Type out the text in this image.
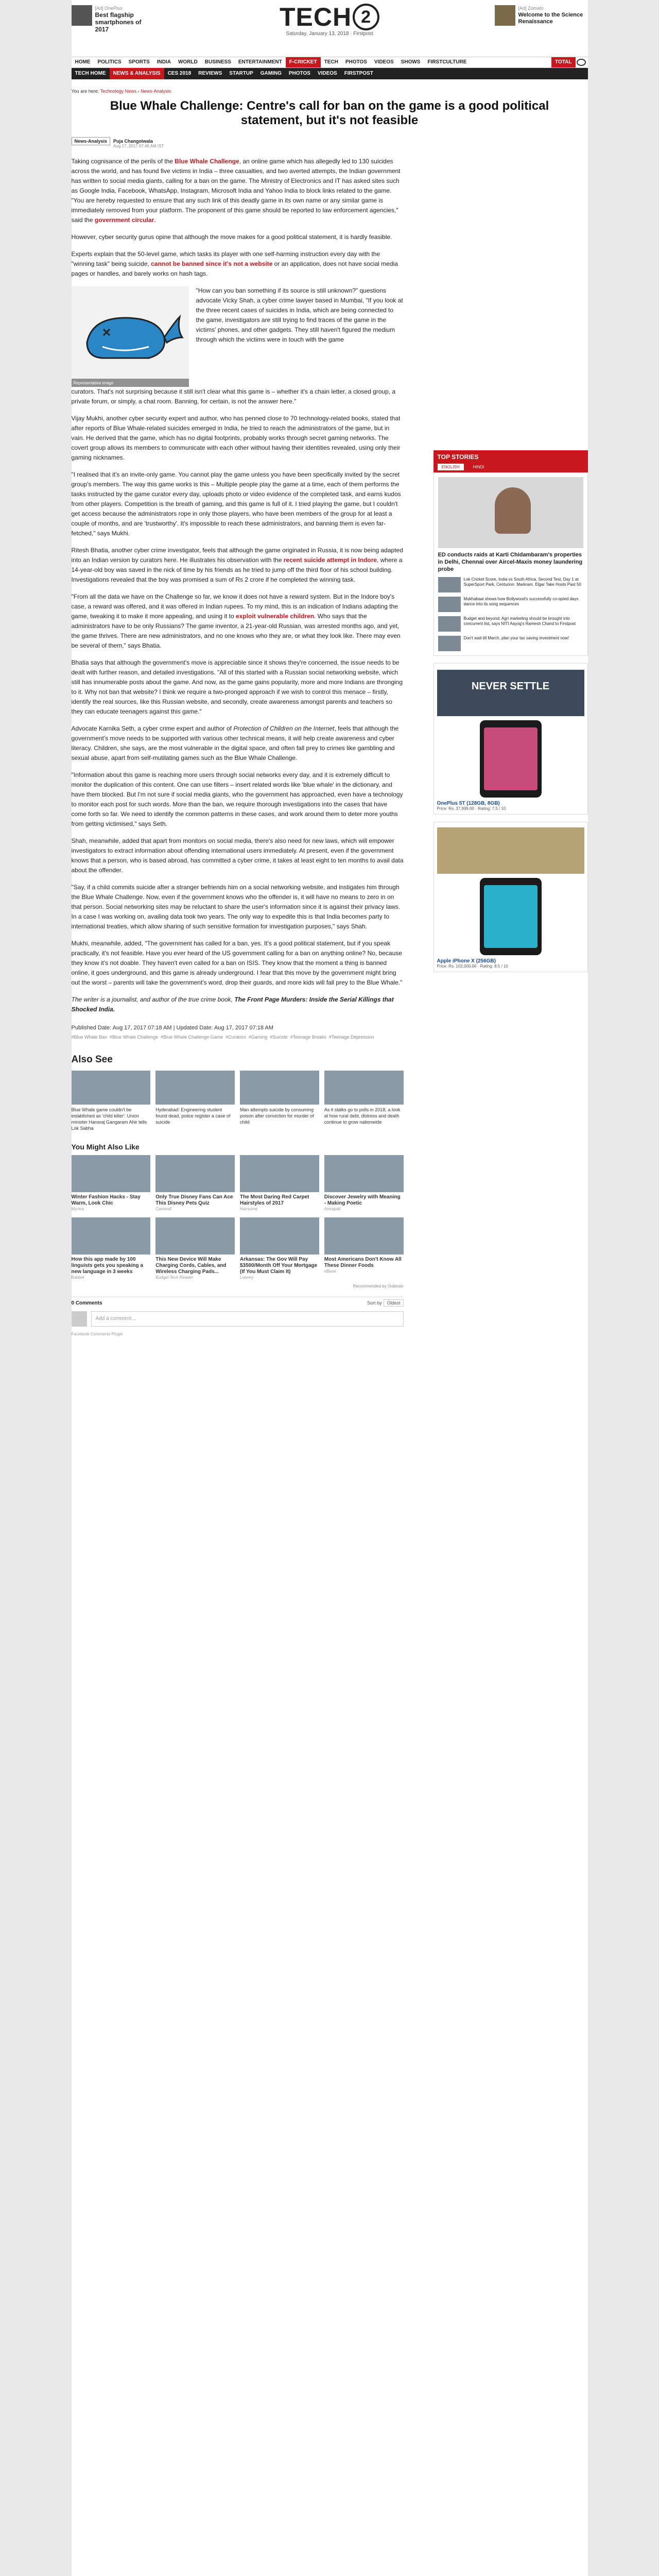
[Ad] OnePlus
Best flagship smartphones of 2017	TECH 2
Saturday, January 13, 2018 · Firstpost
[Ad] Zomato
Welcome to the Science Renaissance
HOME	POLITICS	SPORTS	INDIA	WORLD	BUSINESS	ENTERTAINMENT	F-CRICKET	TECH	PHOTOS	VIDEOS	SHOWS	FIRSTCULTURE	TOTAL
TECH HOME	NEWS & ANALYSIS	CES 2018	REVIEWS	STARTUP	GAMING	PHOTOS	VIDEOS	FIRSTPOST
You are here: Technology News › News-Analysis
Blue Whale Challenge: Centre's call for ban on the game is a good political statement, but it's not feasible
News-Analysis	Puja Changoiwala
Aug 17, 2017 07:46 AM IST

Taking cognisance of the perils of the Blue Whale Challenge, an online game which has allegedly led to 130 suicides across the world, and has found five victims in India – three casualties, and two averted attempts, the Indian government has written to social media giants, calling for a ban on the game. The Ministry of Electronics and IT has asked sites such as Google India, Facebook, WhatsApp, Instagram, Microsoft India and Yahoo India to block links related to the game. "You are hereby requested to ensure that any such link of this deadly game in its own name or any similar game is immediately removed from your platform. The proponent of this game should be reported to law enforcement agencies," said the government circular.

However, cyber security gurus opine that although the move makes for a good political statement, it is hardly feasible.

Experts explain that the 50-level game, which tasks its player with one self-harming instruction every day with the "winning task" being suicide, cannot be banned since it's not a website or an application, does not have social media pages or handles, and barely works on hash tags.

Representative image

"How can you ban something if its source is still unknown?" questions advocate Vicky Shah, a cyber crime lawyer based in Mumbai, "If you look at the three recent cases of suicides in India, which are being connected to the game, investigators are still trying to find traces of the game in the victims' phones, and other gadgets. They still haven't figured the medium through which the victims were in touch with the game

curators. That's not surprising because it still isn't clear what this game is – whether it's a chain letter, a closed group, a private forum, or simply, a chat room. Banning, for certain, is not the answer here."

Vijay Mukhi, another cyber security expert and author, who has penned close to 70 technology-related books, stated that after reports of Blue Whale-related suicides emerged in India, he tried to reach the administrators of the game, but in vain. He derived that the game, which has no digital footprints, probably works through secret gaming networks. The covert group allows its members to communicate with each other without having their identities revealed, using only their gaming nicknames.

"I realised that it's an invite-only game. You cannot play the game unless you have been specifically invited by the secret group's members. The way this game works is this – Multiple people play the game at a time, each of them performs the tasks instructed by the game curator every day, uploads photo or video evidence of the completed task, and earns kudos from other players. Competition is the breath of gaming, and this game is full of it. I tried playing the game, but I couldn't get access because the administrators rope in only those players, who have been members of the group for at least a couple of months, and are 'trustworthy'. It's impossible to reach these administrators, and banning them is even far-fetched," says Mukhi.

Ritesh Bhatia, another cyber crime investigator, feels that although the game originated in Russia, it is now being adapted into an Indian version by curators here. He illustrates his observation with the recent suicide attempt in Indore, where a 14-year-old boy was saved in the nick of time by his friends as he tried to jump off the third floor of his school building. Investigations revealed that the boy was promised a sum of Rs 2 crore if he completed the winning task.

"From all the data we have on the Challenge so far, we know it does not have a reward system. But in the Indore boy's case, a reward was offered, and it was offered in Indian rupees. To my mind, this is an indication of Indians adapting the game, tweaking it to make it more appealing, and using it to exploit vulnerable children. Who says that the administrators have to be only Russians? The game inventor, a 21-year-old Russian, was arrested months ago, and yet, the game thrives. There are new administrators, and no one knows who they are, or what they look like. There may even be several of them," says Bhatia.

Bhatia says that although the government's move is appreciable since it shows they're concerned, the issue needs to be dealt with further reason, and detailed investigations. "All of this started with a Russian social networking website, which still has innumerable posts about the game. And now, as the game gains popularity, more and more Indians are thronging to it. Why not ban that website? I think we require a two-pronged approach if we wish to control this menace – firstly, identify the real sources, like this Russian website, and secondly, create awareness amongst parents and teachers so they can educate teenagers against this game."

Advocate Karnika Seth, a cyber crime expert and author of Protection of Children on the Internet, feels that although the government's move needs to be supported with various other technical means, it will help create awareness and cyber literacy. Children, she says, are the most vulnerable in the digital space, and often fall prey to crimes like gambling and sexual abuse, apart from self-mutilating games such as the Blue Whale Challenge.

"Information about this game is reaching more users through social networks every day, and it is extremely difficult to monitor the duplication of this content. One can use filters – insert related words like 'blue whale' in the dictionary, and have them blocked. But I'm not sure if social media giants, who the government has approached, even have a technology to monitor each post for such words. More than the ban, we require thorough investigations into the cases that have come forth so far. We need to identify the common patterns in these cases, and work around them to deter more youths from getting victimised," says Seth.

Shah, meanwhile, added that apart from monitors on social media, there's also need for new laws, which will empower investigators to extract information about offending international users immediately. At present, even if the government knows that a person, who is based abroad, has committed a cyber crime, it takes at least eight to ten months to avail data about the offender.

"Say, if a child commits suicide after a stranger befriends him on a social networking website, and instigates him through the Blue Whale Challenge. Now, even if the government knows who the offender is, it will have no means to zero in on that person. Social networking sites may be reluctant to share the user's information since it is against their privacy laws. In a case I was working on, availing data took two years. The only way to expedite this is that India becomes party to international treaties, which allow sharing of such sensitive formation for investigation purposes," says Shah.

Mukhi, meanwhile, added, "The government has called for a ban, yes. It's a good political statement, but if you speak practically, it's not feasible. Have you ever heard of the US government calling for a ban on anything online? No, because they know it's not doable. They haven't even called for a ban on ISIS. They know that the moment a thing is banned online, it goes underground, and this game is already underground. I fear that this move by the government might bring out the worst – parents will take the government's word, drop their guards, and more kids will fall prey to the Blue Whale."

The writer is a journalist, and author of the true crime book, The Front Page Murders: Inside the Serial Killings that Shocked India.

Published Date: Aug 17, 2017 07:18 AM | Updated Date: Aug 17, 2017 07:18 AM
#Blue Whale Ban #Blue Whale Challenge #Blue Whale Challenge Game #Curators #Gaming #Suicide #Teenage Breaks #Teenage Depression
Also See
Blue Whale game couldn't be established as 'child killer': Union minister Hansraj Gangaram Ahir tells Lok Sabha
Hyderabad: Engineering student found dead, police register a case of suicide
Man attempts suicide by consuming poison after conviction for murder of child
As it stalks go to polls in 2018, a look at how rural debt, distress and death continue to grow nationwide
You Might Also Like
Winter Fashion Hacks - Stay Warm, Look Chic
Myntra
Only True Disney Fans Can Ace This Disney Pets Quiz
Cameraf
The Most Daring Red Carpet Hairstyles of 2017
Hairsome
Discover Jewelry with Meaning - Making Poetic
Amrapali
How this app made by 100 linguists gets you speaking a new language in 3 weeks
Babbel
This New Device Will Make Charging Cords, Cables, and Wireless Charging Pads...
Budget Tech Reader
Arkansas: The Gov Will Pay $3500/Month Off Your Mortgage (If You Must Claim It)
Loaney
Most Americans Don't Know All These Dinner Foods
eBase
Recommended by Outbrain
0 Comments	Sort by Oldest
Add a comment...
Facebook Comments Plugin
TOP STORIES
ENGLISH	HINDI
ED conducts raids at Karti Chidambaram's properties in Delhi, Chennai over Aircel-Maxis money laundering probe
Lok Cricket Score, India vs South Africa, Second Test, Day 1 at SuperSport Park, Centurion: Markram, Elgar Take Hosts Past 50
Mukhabaai shows how Bollywood's successfully co-opted days dance into its song sequences
Budget and beyond: Agri marketing should be brought into concurrent list, says NITI Aayog's Ramesh Chand to Firstpost
Don't wait till March, plan your tax saving investment now!
NEVER SETTLE
OnePlus 5T (128GB, 8GB)
Price: Rs. 37,999.00 · Rating: 7.5 / 10
Apple iPhone X (256GB)
Price: Rs. 102,000.00 · Rating: 8.5 / 10
